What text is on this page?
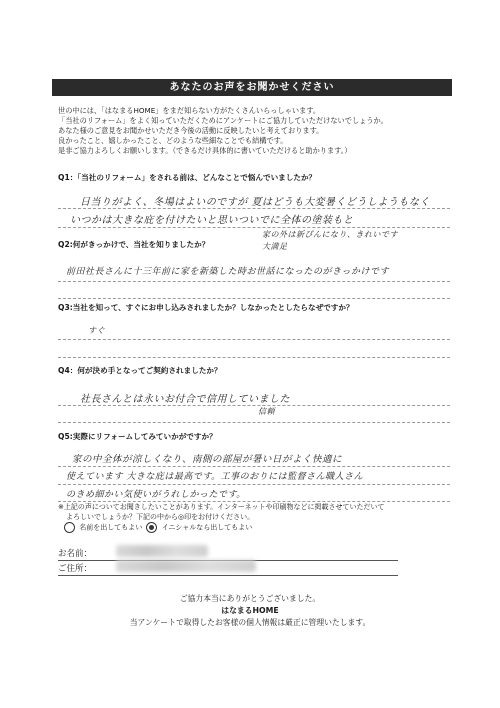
あなたのお声をお聞かせください
世の中には、「はなまるHOME」をまだ知らない方がたくさんいらっしゃいます。
「当社のリフォーム」をよく知っていただくためにアンケートにご協力していただけないでしょうか。
あなた様のご意見をお聞かせいただき今後の活動に反映したいと考えております。
良かったこと、嬉しかったこと、どのような些細なことでも結構です。
是非ご協力よろしくお願いします。（できるだけ具体的に書いていただけると助かります。）
Q1：「当社のリフォーム」をされる前は、どんなことで悩んでいましたか？
日当りがよく、冬場はよいのですが 夏はどうも大変暑くどうしようもなく
いつかは大きな庇を付けたいと思いついでに全体の塗装もと
家の外は新ぴんになり、きれいです
大満足
Q2:何がきっかけで、当社を知りましたか？
前田社長さんに十三年前に家を新築した時お世話になったのがきっかけです
Q3:当社を知って、すぐにお申し込みされましたか？しなかったとしたらなぜですか？
すぐ
Q4：何が決め手となってご契約されましたか？
社長さんとは永いお付合で信用していました
信頼
Q5:実際にリフォームしてみていかがですか？
家の中全体が涼しくなり、南側の部屋が暑い日がよく快適に
使えています 大きな庇は最高です。工事のおりには監督さん職人さん
のきめ細かい気使いがうれしかったです。
※上記の声についてお聞きしたいことがあります。インターネットや印刷物などに掲載させていただいて
よろしいでしょうか？下記の中から◎印をお付けください。
名前を出してもよい	イニシャルなら出してもよい
お名前：
ご住所：
ご協力本当にありがとうございました。
はなまるHOME
当アンケートで取得したお客様の個人情報は厳正に管理いたします。
